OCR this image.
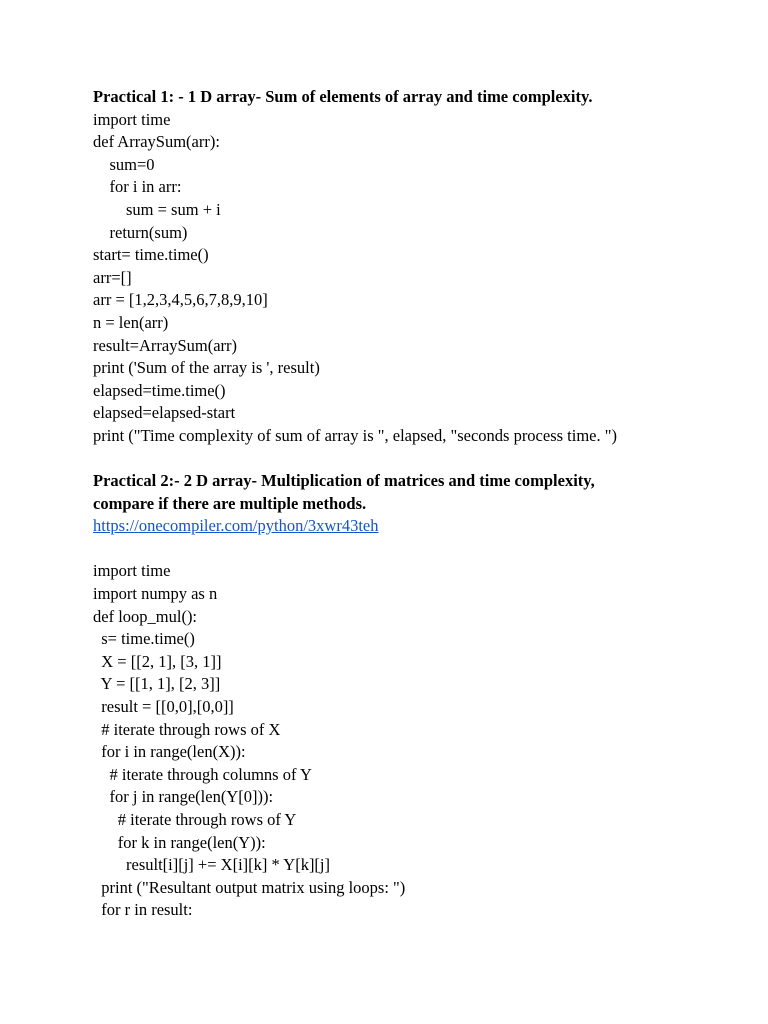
Practical 1: - 1 D array- Sum of elements of array and time complexity.

import time

def ArraySum(arr):

sum=0

for i in arr:

sum = sum + i

return(sum)

start= time.time()

arr=[]

arr = [1,2,3,4,5,6,7,8,9,10]

n = len(arr)

result=ArraySum(arr)

print ('Sum of the array is ', result)

elapsed=time.time()

elapsed=elapsed-start

print ("Time complexity of sum of array is ", elapsed, "seconds process time. ")

Practical 2:- 2 D array- Multiplication of matrices and time complexity,

compare if there are multiple methods.

https://onecompiler.com/python/3xwr43teh

import time

import numpy as n

def loop_mul():

s= time.time()

X = [[2, 1], [3, 1]]

Y = [[1, 1], [2, 3]]

result = [[0,0],[0,0]]

# iterate through rows of X

for i in range(len(X)):

# iterate through columns of Y

for j in range(len(Y[0])):

# iterate through rows of Y

for k in range(len(Y)):

result[i][j] += X[i][k] * Y[k][j]

print ("Resultant output matrix using loops: ")

for r in result:
